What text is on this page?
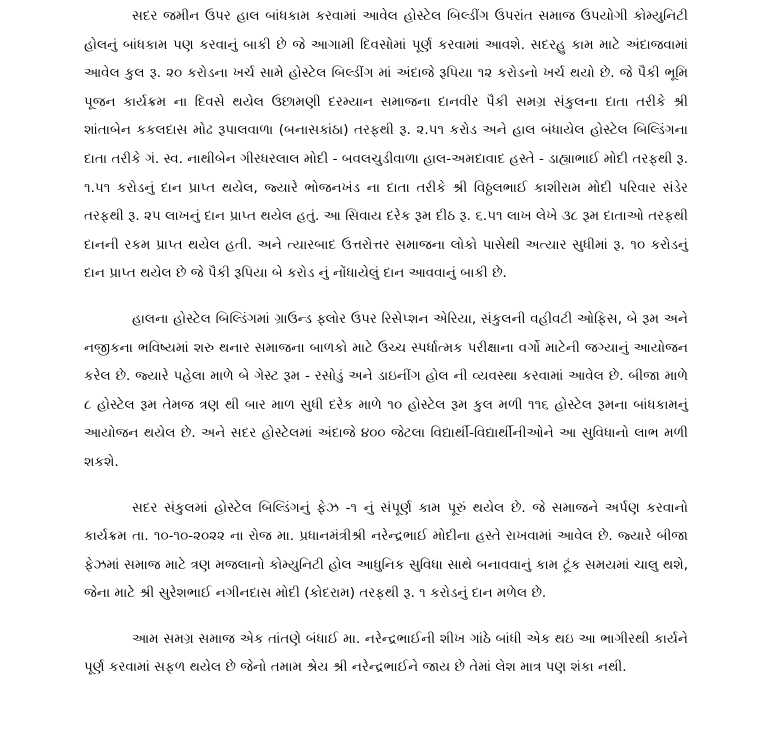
સદર જમીન ઉપર હાલ બાંધકામ કરવામાં આવેલ હોસ્ટેલ બિલ્ડીંગ ઉપરાંત સમાજ ઉપયોગી કોમ્યુનિટી હોલનું બાંધકામ પણ કરવાનું બાકી છે જે આગામી દિવસોમાં પૂર્ણ કરવામાં આવશે. સદરહુ કામ માટે અંદાજવામાં આવેલ કુલ રૂ. ૨૦ કરોડના ખર્ચ સામે હોસ્ટેલ બિલ્ડીંગ માં અંદાજે રૂપિયા ૧૨ કરોડનો ખર્ચ થયો છે. જે પૈકી ભૂમિ પૂજન કાર્યક્રમ ના દિવસે થયેલ ઉછામણી દરમ્યાન સમાજના દાનવીર પૈકી સમગ્ર સંકુલના દાતા તરીકે શ્રી શાંતાબેન કકલદાસ મોઢ રૂપાલવાળા (બનાસકાંઠા) તરફથી રૂ. ૨.૫૧ કરોડ અને હાલ બંધાયેલ હોસ્ટેલ બિલ્ડિંગના દાતા તરીકે ગં. સ્વ. નાથીબેન ગીરધરલાલ મોદી - બવલચુડીવાળા હાલ-અમદાવાદ હસ્તે - ડાહ્યાભાઈ મોદી તરફથી રૂ. ૧.૫૧ કરોડનું દાન પ્રાપ્ત થયેલ, જ્યારે ભોજનખંડ ના દાતા તરીકે શ્રી વિઠ્ઠલભાઈ કાશીરામ મોદી પરિવાર સંડેર તરફથી રૂ. ૨૫ લાખનું દાન પ્રાપ્ત થયેલ હતું. આ સિવાય દરેક રૂમ દીઠ રૂ. ૬.૫૧ લાખ લેખે ૩૮ રૂમ દાતાઓ તરફથી દાનની રકમ પ્રાપ્ત થયેલ હતી. અને ત્યારબાદ ઉત્તરોત્તર સમાજના લોકો પાસેથી અત્યાર સુધીમાં રૂ. ૧૦ કરોડનું દાન પ્રાપ્ત થયેલ છે જે પૈકી રૂપિયા બે કરોડ નું નોંધાયેલું દાન આવવાનું બાકી છે.

હાલના હોસ્ટેલ બિલ્ડિંગમાં ગ્રાઉન્ડ ફ્લોર ઉપર રિસેપ્શન એરિયા, સંકુલની વહીવટી ઓફિસ, બે રૂમ અને નજીકના ભવિષ્યમાં શરુ થનાર સમાજના બાળકો માટે ઉચ્ચ સ્પર્ધાત્મક પરીક્ષાના વર્ગો માટેની જગ્યાનું આયોજન કરેલ છે. જ્યારે પહેલા માળે બે ગેસ્ટ રૂમ - રસોડું અને ડાઇનીંગ હોલ ની વ્યવસ્થા કરવામાં આવેલ છે. બીજા માળે ૮ હોસ્ટેલ રૂમ તેમજ ત્રણ થી બાર માળ સુધી દરેક માળે ૧૦ હોસ્ટેલ રૂમ કુલ મળી ૧૧૬ હોસ્ટેલ રૂમના બાંધકામનું આયોજન થયેલ છે. અને સદર હોસ્ટેલમાં અંદાજે ૪૦૦ જેટલા વિદ્યાર્થી-વિદ્યાર્થીનીઓને આ સુવિધાનો લાભ મળી શકશે.

સદર સંકુલમાં હોસ્ટેલ બિલ્ડિંગનું ફેઝ -૧ નું સંપૂર્ણ કામ પૂરું થયેલ છે. જે સમાજને અર્પણ કરવાનો કાર્યક્રમ તા. ૧૦-૧૦-૨૦૨૨ ના રોજ મા. પ્રધાનમંત્રીશ્રી નરેન્દ્રભાઈ મોદીના હસ્તે રાખવામાં આવેલ છે. જ્યારે બીજા ફેઝમાં સમાજ માટે ત્રણ મજલાનો કોમ્યુનિટી હોલ આધુનિક સુવિધા સાથે બનાવવાનું કામ ટૂંક સમયમાં ચાલુ થશે, જેના માટે શ્રી સુરેશભાઈ નગીનદાસ મોદી (કોદરામ) તરફથી રૂ. ૧ કરોડનું દાન મળેલ છે.

આમ સમગ્ર સમાજ એક તાંતણે બંધાઈ મા. નરેન્દ્રભાઈની શીખ ગાંઠે બાંધી એક થઇ આ ભાગીરથી કાર્યને પૂર્ણ કરવામાં સફળ થયેલ છે જેનો તમામ શ્રેય શ્રી નરેન્દ્રભાઈને જાય છે તેમાં લેશ માત્ર પણ શંકા નથી.
